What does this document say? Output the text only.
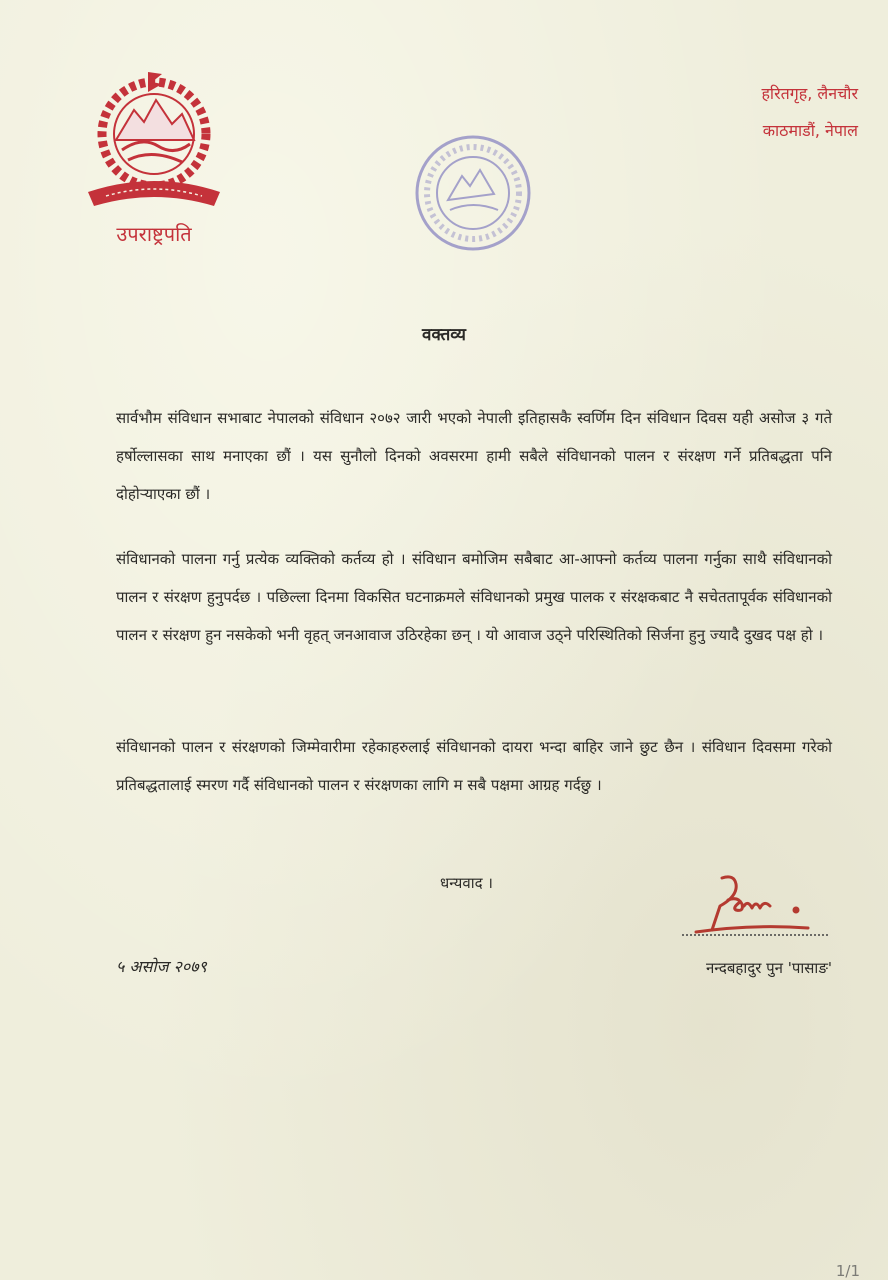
उपराष्ट्रपति
हरितगृह, लैनचौर
काठमाडौं, नेपाल
वक्तव्य

सार्वभौम संविधान सभाबाट नेपालको संविधान २०७२ जारी भएको नेपाली इतिहासकै स्वर्णिम दिन संविधान दिवस यही असोज ३ गते हर्षोल्लासका साथ मनाएका छौं । यस सुनौलो दिनको अवसरमा हामी सबैले संविधानको पालन र संरक्षण गर्ने प्रतिबद्धता पनि दोहोऱ्याएका छौं ।

संविधानको पालना गर्नु प्रत्येक व्यक्तिको कर्तव्य हो । संविधान बमोजिम सबैबाट आ-आफ्नो कर्तव्य पालना गर्नुका साथै संविधानको पालन र संरक्षण हुनुपर्दछ । पछिल्ला दिनमा विकसित घटनाक्रमले संविधानको प्रमुख पालक र संरक्षकबाट नै सचेततापूर्वक संविधानको पालन र संरक्षण हुन नसकेको भनी वृहत् जनआवाज उठिरहेका छन् । यो आवाज उठ्ने परिस्थितिको सिर्जना हुनु ज्यादै दुखद पक्ष हो ।

संविधानको पालन र संरक्षणको जिम्मेवारीमा रहेकाहरुलाई संविधानको दायरा भन्दा बाहिर जाने छुट छैन । संविधान दिवसमा गरेको प्रतिबद्धतालाई स्मरण गर्दै संविधानको पालन र संरक्षणका लागि म सबै पक्षमा आग्रह गर्दछु ।

धन्यवाद ।
५ असोज २०७९	नन्दबहादुर पुन 'पासाङ'
1/1
